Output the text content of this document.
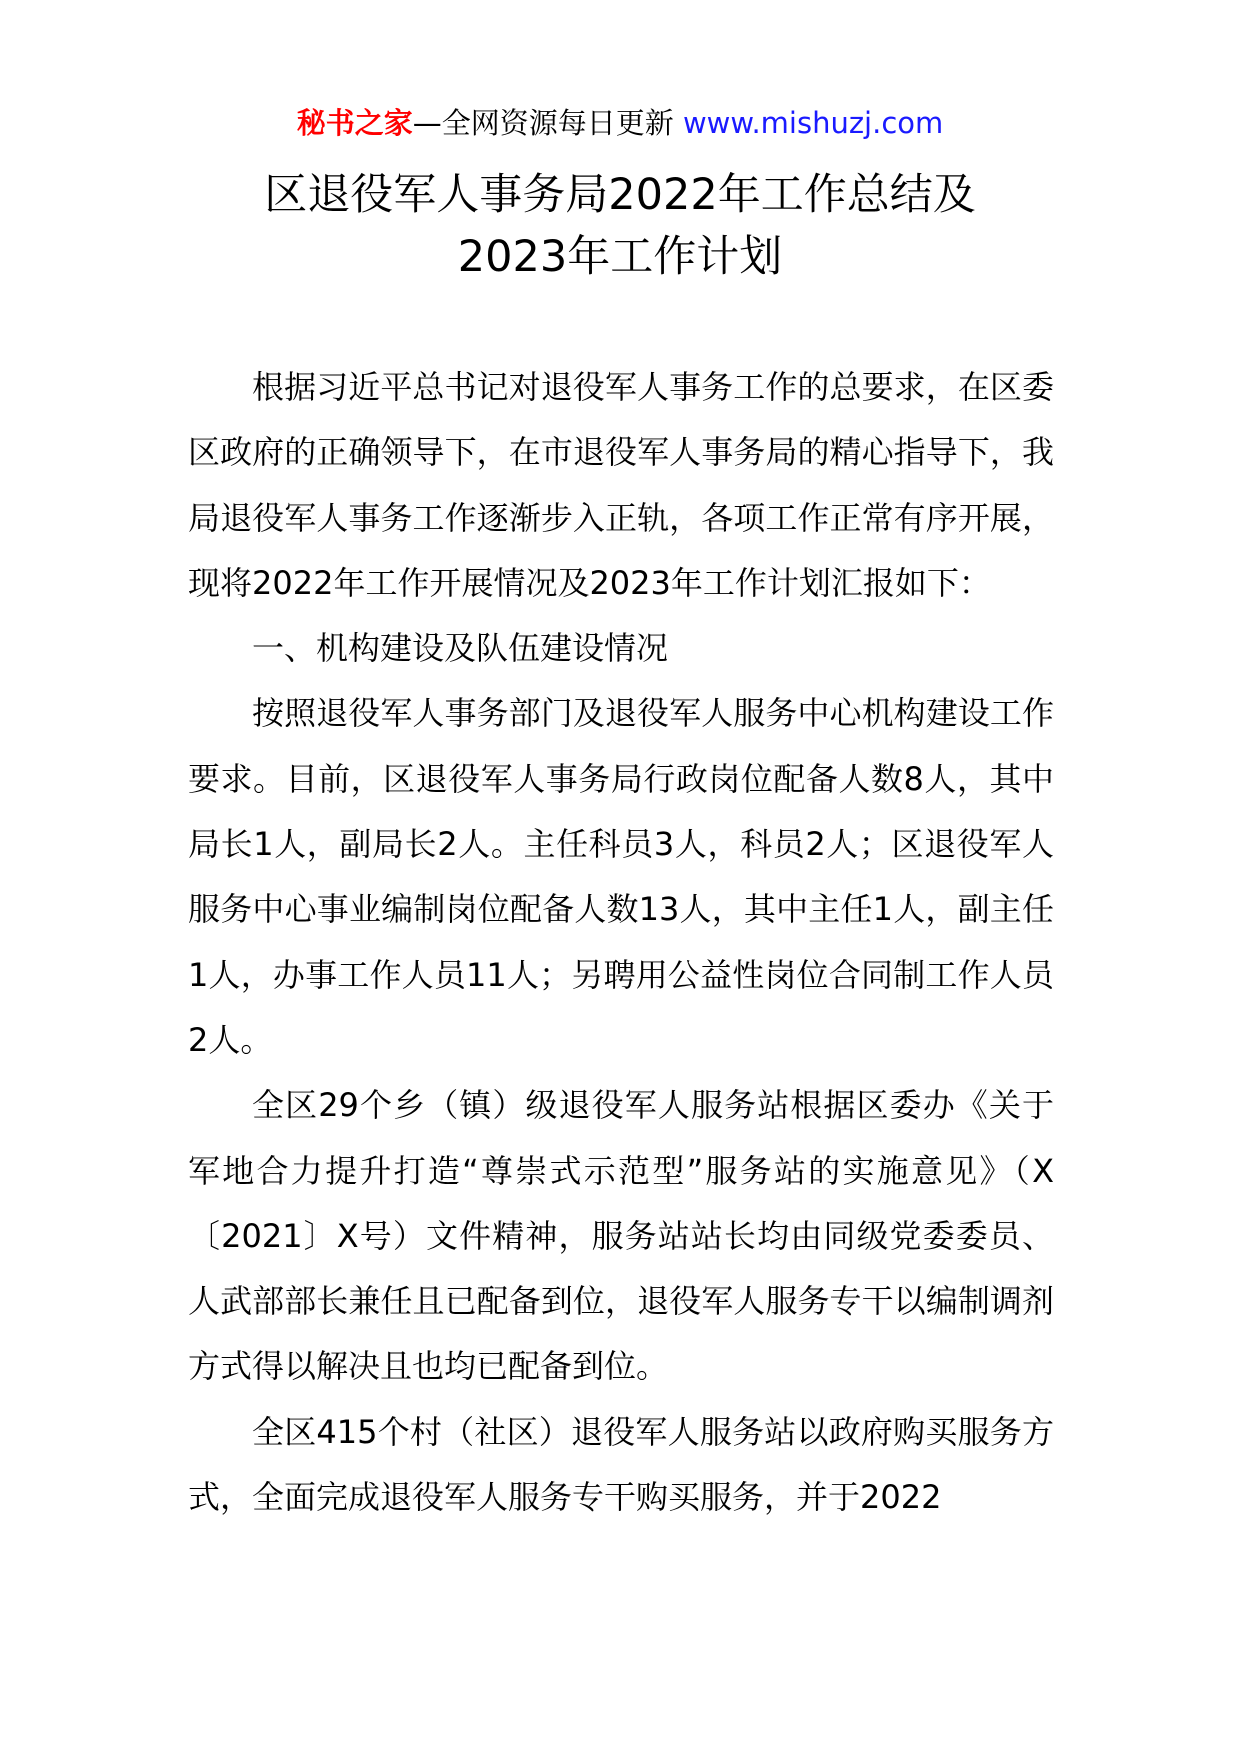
秘书之家—全网资源每日更新 www.mishuzj.com
区退役军人事务局2022年工作总结及
2023年工作计划

根据习近平总书记对退役军人事务工作的总要求，在区委区政府的正确领导下，在市退役军人事务局的精心指导下，我局退役军人事务工作逐渐步入正轨，各项工作正常有序开展，现将2022年工作开展情况及2023年工作计划汇报如下：

一、机构建设及队伍建设情况

按照退役军人事务部门及退役军人服务中心机构建设工作要求。目前，区退役军人事务局行政岗位配备人数8人，其中局长1人，副局长2人。主任科员3人，科员2人；区退役军人服务中心事业编制岗位配备人数13人，其中主任1人，副主任1人，办事工作人员11人；另聘用公益性岗位合同制工作人员2人。

全区29个乡（镇）级退役军人服务站根据区委办《关于军地合力提升打造“尊崇式示范型”服务站的实施意见》（X〔2021〕X号）文件精神，服务站站长均由同级党委委员、人武部部长兼任且已配备到位，退役军人服务专干以编制调剂方式得以解决且也均已配备到位。

全区415个村（社区）退役军人服务站以政府购买服务方式，全面完成退役军人服务专干购买服务，并于2022
